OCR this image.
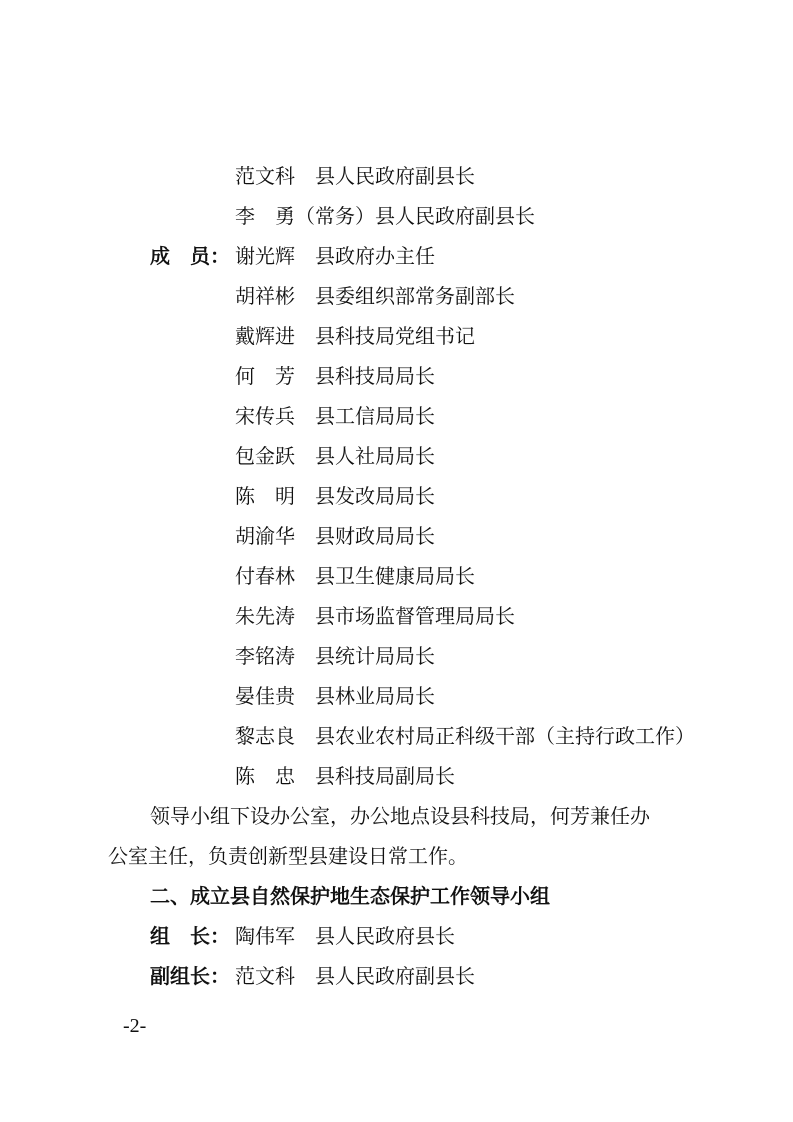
范文科　县人民政府副县长
李　勇（常务）县人民政府副县长
成　员： 谢光辉　县政府办主任
胡祥彬　县委组织部常务副部长
戴辉进　县科技局党组书记
何　芳　县科技局局长
宋传兵　县工信局局长
包金跃　县人社局局长
陈　明　县发改局局长
胡渝华　县财政局局长
付春林　县卫生健康局局长
朱先涛　县市场监督管理局局长
李铭涛　县统计局局长
晏佳贵　县林业局局长
黎志良　县农业农村局正科级干部（主持行政工作）
陈　忠　县科技局副局长
领导小组下设办公室，办公地点设县科技局，何芳兼任办
公室主任，负责创新型县建设日常工作。
二、成立县自然保护地生态保护工作领导小组
组　长： 陶伟军　县人民政府县长
副组长： 范文科　县人民政府副县长
-2-
